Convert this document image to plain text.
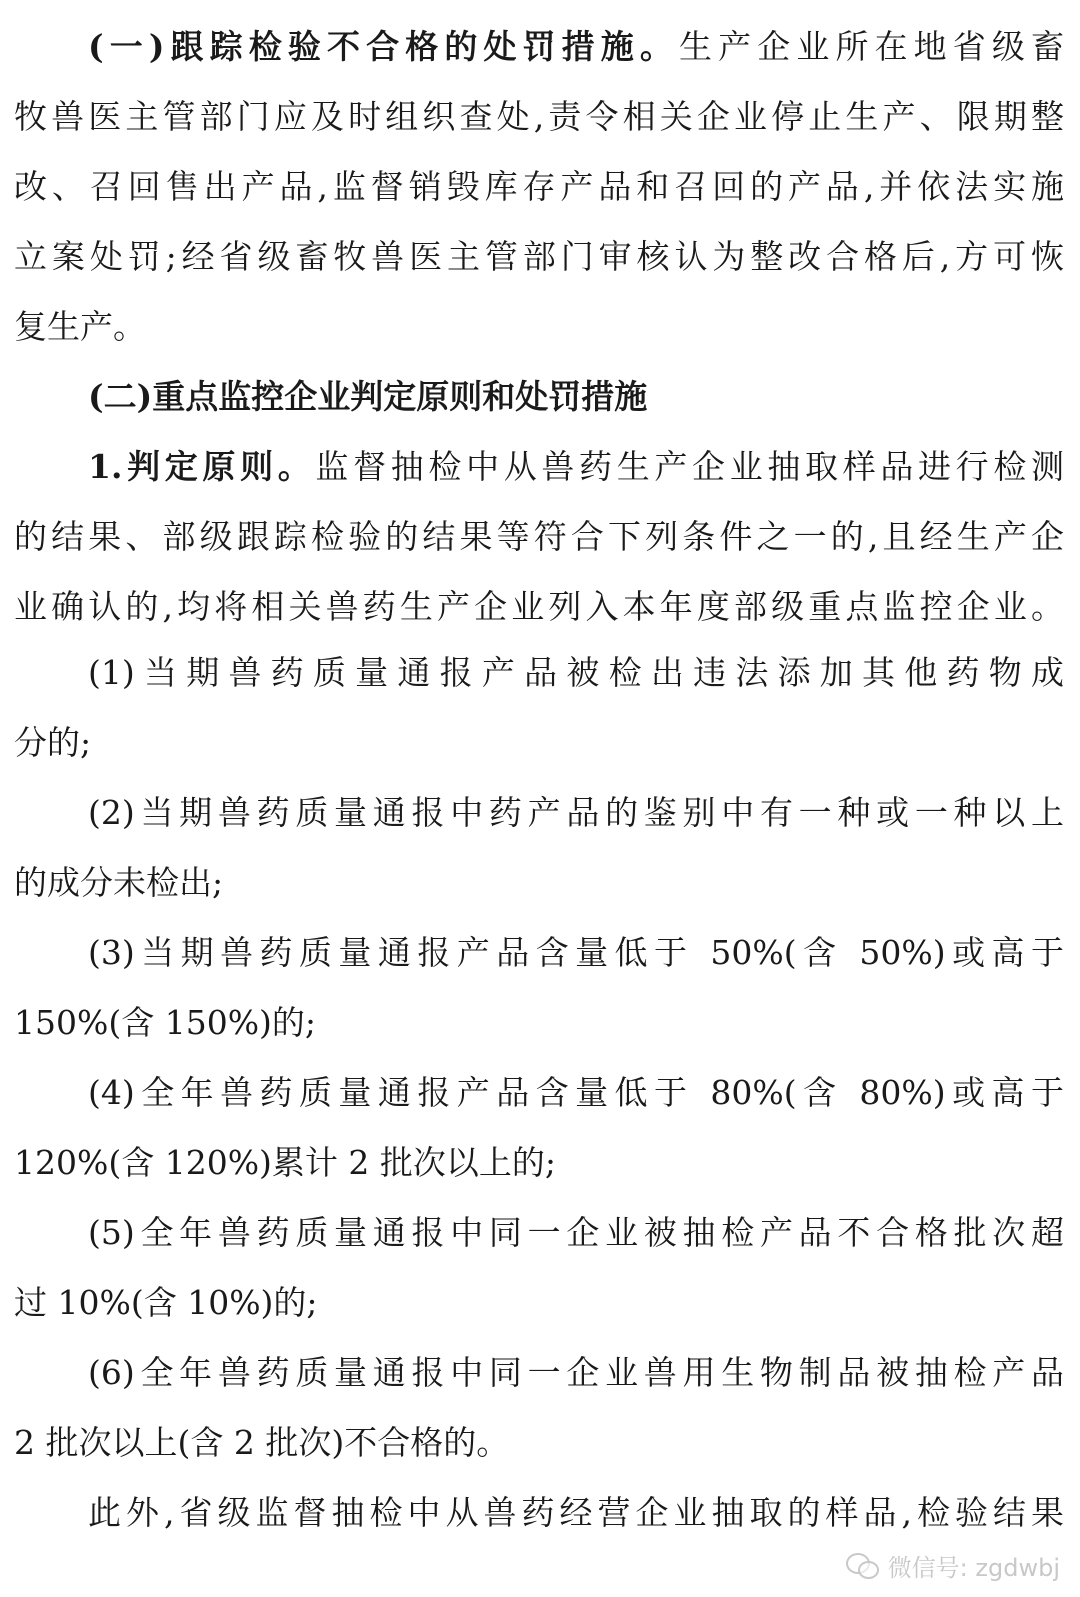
(一)跟踪检验不合格的处罚措施。生产企业所在地省级畜
牧兽医主管部门应及时组织查处,责令相关企业停止生产、限期整
改、召回售出产品,监督销毁库存产品和召回的产品,并依法实施
立案处罚;经省级畜牧兽医主管部门审核认为整改合格后,方可恢
复生产。
(二)重点监控企业判定原则和处罚措施
1.判定原则。监督抽检中从兽药生产企业抽取样品进行检测
的结果、部级跟踪检验的结果等符合下列条件之一的,且经生产企
业确认的,均将相关兽药生产企业列入本年度部级重点监控企业。
(1)当期兽药质量通报产品被检出违法添加其他药物成
分的;
(2)当期兽药质量通报中药产品的鉴别中有一种或一种以上
的成分未检出;
(3)当期兽药质量通报产品含量低于 50%(含 50%)或高于
150%(含 150%)的;
(4)全年兽药质量通报产品含量低于 80%(含 80%)或高于
120%(含 120%)累计 2 批次以上的;
(5)全年兽药质量通报中同一企业被抽检产品不合格批次超
过 10%(含 10%)的;
(6)全年兽药质量通报中同一企业兽用生物制品被抽检产品
2 批次以上(含 2 批次)不合格的。
此外,省级监督抽检中从兽药经营企业抽取的样品,检验结果
微信号: zgdwbj
